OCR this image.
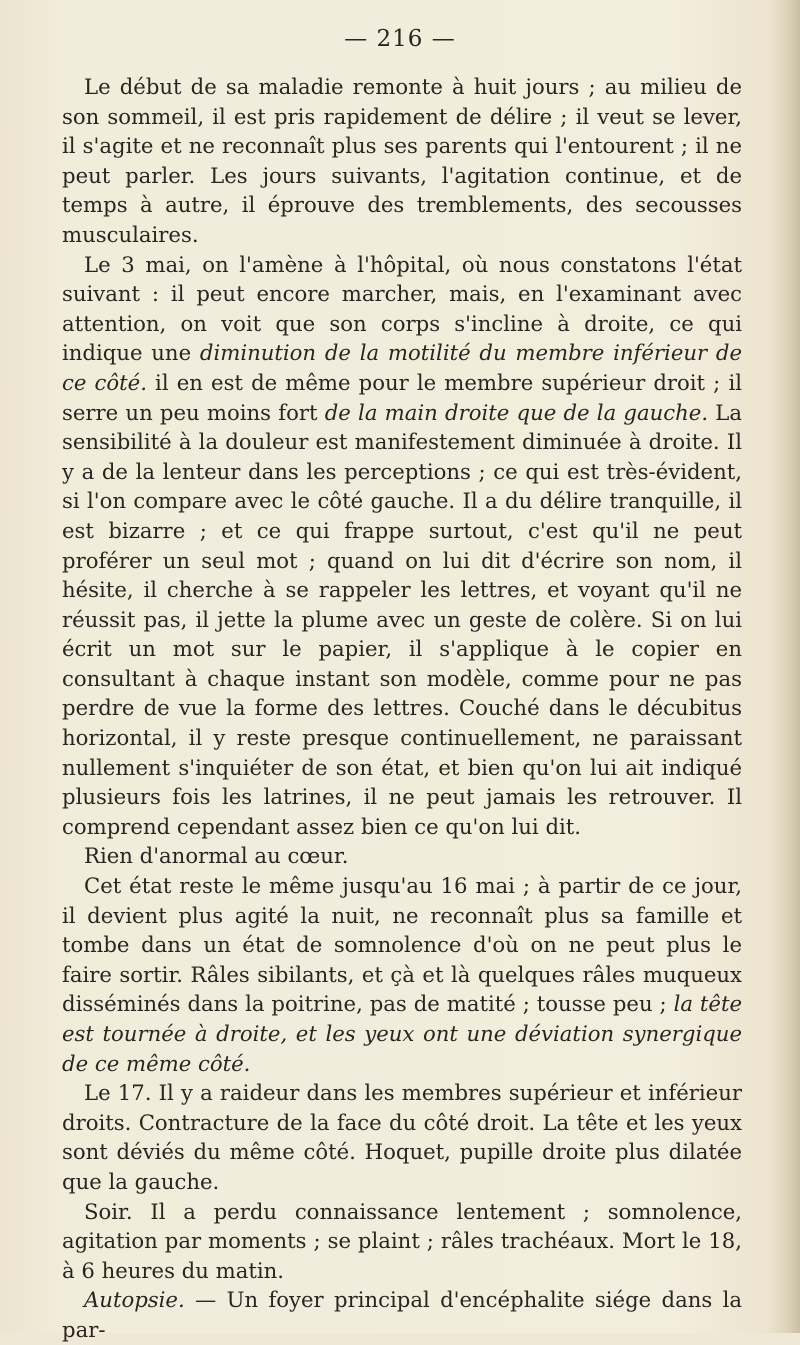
— 216 —

Le début de sa maladie remonte à huit jours ; au milieu de son sommeil, il est pris rapidement de délire ; il veut se lever, il s'agite et ne reconnaît plus ses parents qui l'entourent ; il ne peut parler. Les jours suivants, l'agitation continue, et de temps à autre, il éprouve des tremblements, des secousses musculaires.

Le 3 mai, on l'amène à l'hôpital, où nous constatons l'état suivant : il peut encore marcher, mais, en l'examinant avec attention, on voit que son corps s'incline à droite, ce qui indique une diminution de la motilité du membre inférieur de ce côté. il en est de même pour le membre supérieur droit ; il serre un peu moins fort de la main droite que de la gauche. La sensibilité à la douleur est manifestement diminuée à droite. Il y a de la lenteur dans les perceptions ; ce qui est très-évident, si l'on compare avec le côté gauche. Il a du délire tranquille, il est bizarre ; et ce qui frappe surtout, c'est qu'il ne peut proférer un seul mot ; quand on lui dit d'écrire son nom, il hésite, il cherche à se rappeler les lettres, et voyant qu'il ne réussit pas, il jette la plume avec un geste de colère. Si on lui écrit un mot sur le papier, il s'applique à le copier en consultant à chaque instant son modèle, comme pour ne pas perdre de vue la forme des lettres. Couché dans le décubitus horizontal, il y reste presque continuellement, ne paraissant nullement s'inquiéter de son état, et bien qu'on lui ait indiqué plusieurs fois les latrines, il ne peut jamais les retrouver. Il comprend cependant assez bien ce qu'on lui dit.

Rien d'anormal au cœur.

Cet état reste le même jusqu'au 16 mai ; à partir de ce jour, il devient plus agité la nuit, ne reconnaît plus sa famille et tombe dans un état de somnolence d'où on ne peut plus le faire sortir. Râles sibilants, et çà et là quelques râles muqueux disséminés dans la poitrine, pas de matité ; tousse peu ; la tête est tournée à droite, et les yeux ont une déviation synergique de ce même côté.

Le 17. Il y a raideur dans les membres supérieur et inférieur droits. Contracture de la face du côté droit. La tête et les yeux sont déviés du même côté. Hoquet, pupille droite plus dilatée que la gauche.

Soir. Il a perdu connaissance lentement ; somnolence, agitation par moments ; se plaint ; râles trachéaux. Mort le 18, à 6 heures du matin.

Autopsie. — Un foyer principal d'encéphalite siége dans la par-
